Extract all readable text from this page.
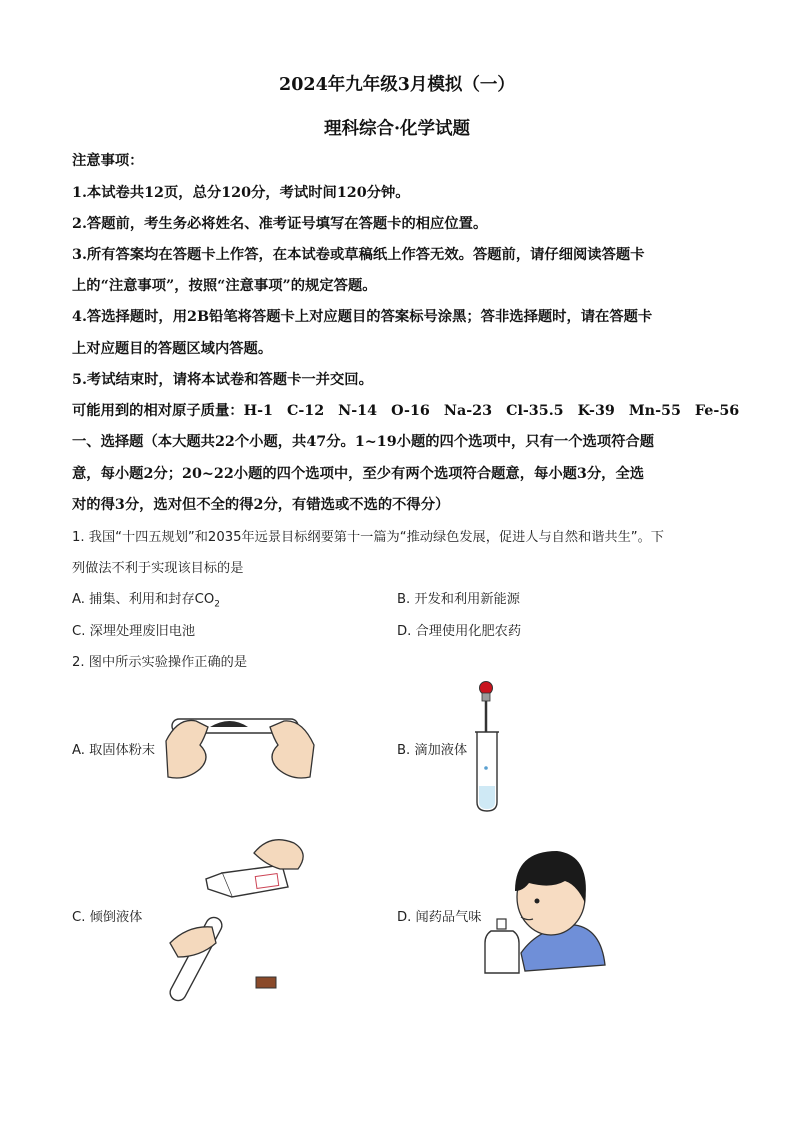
2024年九年级3月模拟（一）
理科综合·化学试题
注意事项：
1.本试卷共12页，总分120分，考试时间120分钟。
2.答题前，考生务必将姓名、准考证号填写在答题卡的相应位置。
3.所有答案均在答题卡上作答，在本试卷或草稿纸上作答无效。答题前，请仔细阅读答题卡
上的“注意事项”，按照“注意事项”的规定答题。
4.答选择题时，用2B铅笔将答题卡上对应题目的答案标号涂黑；答非选择题时，请在答题卡
上对应题目的答题区域内答题。
5.考试结束时，请将本试卷和答题卡一并交回。
可能用到的相对原子质量：H-1 C-12 N-14 O-16 Na-23 Cl-35.5 K-39 Mn-55 Fe-56
一、选择题（本大题共22个小题，共47分。1~19小题的四个选项中，只有一个选项符合题
意，每小题2分；20~22小题的四个选项中，至少有两个选项符合题意，每小题3分，全选
对的得3分，选对但不全的得2分，有错选或不选的不得分）
1. 我国“十四五规划”和2035年远景目标纲要第十一篇为“推动绿色发展，促进人与自然和谐共生”。下
列做法不利于实现该目标的是
A. 捕集、利用和封存$CO_2$	B. 开发和利用新能源
C. 深埋处理废旧电池	D. 合理使用化肥农药
2. 图中所示实验操作正确的是
A. 取固体粉末	B. 滴加液体
C. 倾倒液体	D. 闻药品气味
